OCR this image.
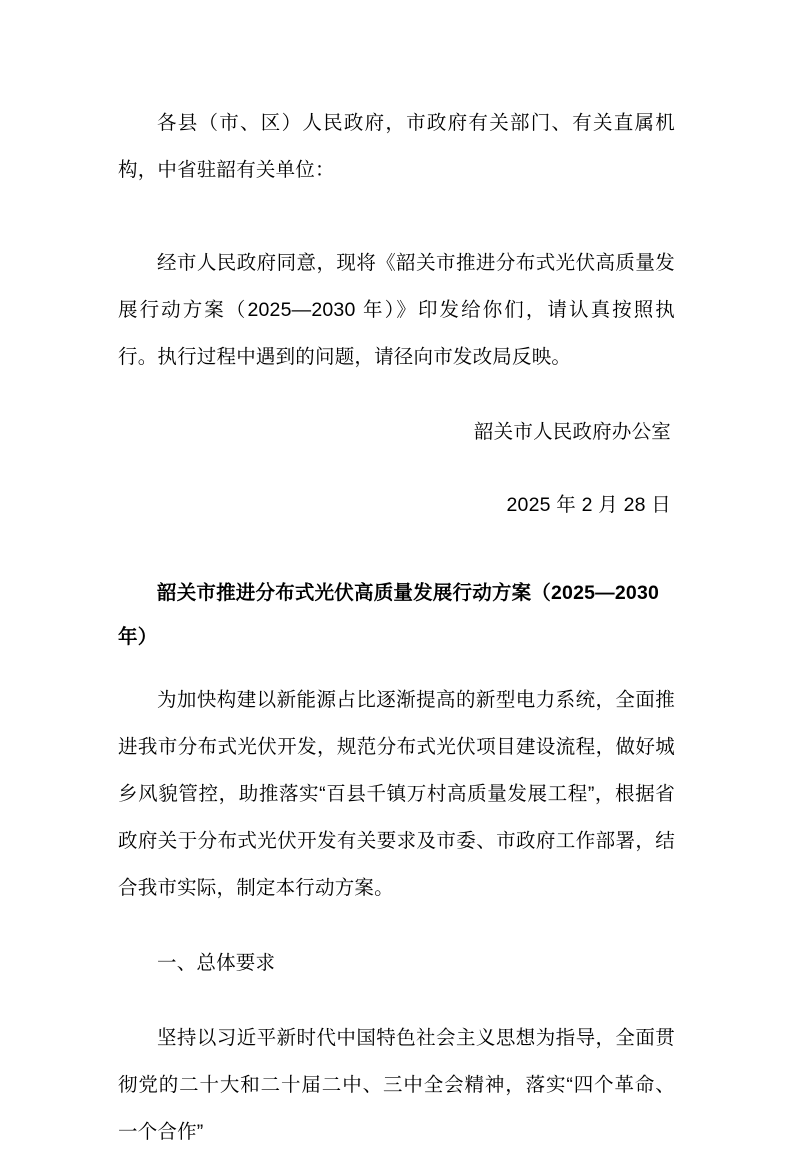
各县（市、区）人民政府，市政府有关部门、有关直属机构，中省驻韶有关单位：

经市人民政府同意，现将《韶关市推进分布式光伏高质量发展行动方案（2025—2030 年）》印发给你们，请认真按照执行。执行过程中遇到的问题，请径向市发改局反映。

韶关市人民政府办公室

2025 年 2 月 28 日

韶关市推进分布式光伏高质量发展行动方案（2025—2030 年）

为加快构建以新能源占比逐渐提高的新型电力系统，全面推进我市分布式光伏开发，规范分布式光伏项目建设流程，做好城乡风貌管控，助推落实“百县千镇万村高质量发展工程”，根据省政府关于分布式光伏开发有关要求及市委、市政府工作部署，结合我市实际，制定本行动方案。

一、总体要求

坚持以习近平新时代中国特色社会主义思想为指导，全面贯彻党的二十大和二十届二中、三中全会精神，落实“四个革命、一个合作”
